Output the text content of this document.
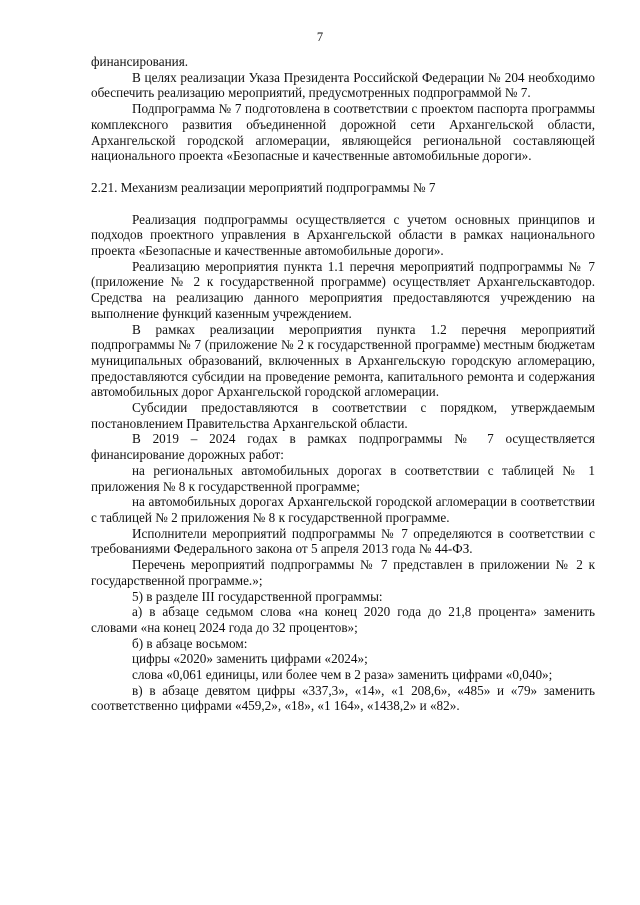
7

финансирования.

В целях реализации Указа Президента Российской Федерации № 204 необходимо обеспечить реализацию мероприятий, предусмотренных подпрограммой № 7.

Подпрограмма № 7 подготовлена в соответствии с проектом паспорта программы комплексного развития объединенной дорожной сети Архангельской области, Архангельской городской агломерации, являющейся региональной составляющей национального проекта «Безопасные и качественные автомобильные дороги».

2.21. Механизм реализации мероприятий подпрограммы № 7

Реализация подпрограммы осуществляется с учетом основных принципов и подходов проектного управления в Архангельской области в рамках национального проекта «Безопасные и качественные автомобильные дороги».

Реализацию мероприятия пункта 1.1 перечня мероприятий подпрограммы № 7 (приложение № 2 к государственной программе) осуществляет Архангельскавтодор. Средства на реализацию данного мероприятия предоставляются учреждению на выполнение функций казенным учреждением.

В рамках реализации мероприятия пункта 1.2 перечня мероприятий подпрограммы № 7 (приложение № 2 к государственной программе) местным бюджетам муниципальных образований, включенных в Архангельскую городскую агломерацию, предоставляются субсидии на проведение ремонта, капитального ремонта и содержания автомобильных дорог Архангельской городской агломерации.

Субсидии предоставляются в соответствии с порядком, утверждаемым постановлением Правительства Архангельской области.

В 2019 – 2024 годах в рамках подпрограммы № 7 осуществляется финансирование дорожных работ:

на региональных автомобильных дорогах в соответствии с таблицей № 1 приложения № 8 к государственной программе;

на автомобильных дорогах Архангельской городской агломерации в соответствии с таблицей № 2 приложения № 8 к государственной программе.

Исполнители мероприятий подпрограммы № 7 определяются в соответствии с требованиями Федерального закона от 5 апреля 2013 года № 44-ФЗ.

Перечень мероприятий подпрограммы № 7 представлен в приложении № 2 к государственной программе.»;

5) в разделе III государственной программы:

а) в абзаце седьмом слова «на конец 2020 года до 21,8 процента» заменить словами «на конец 2024 года до 32 процентов»;

б) в абзаце восьмом:

цифры «2020» заменить цифрами «2024»;

слова «0,061 единицы, или более чем в 2 раза» заменить цифрами «0,040»;

в) в абзаце девятом цифры «337,3», «14», «1 208,6», «485» и «79» заменить соответственно цифрами «459,2», «18», «1 164», «1438,2» и «82».
